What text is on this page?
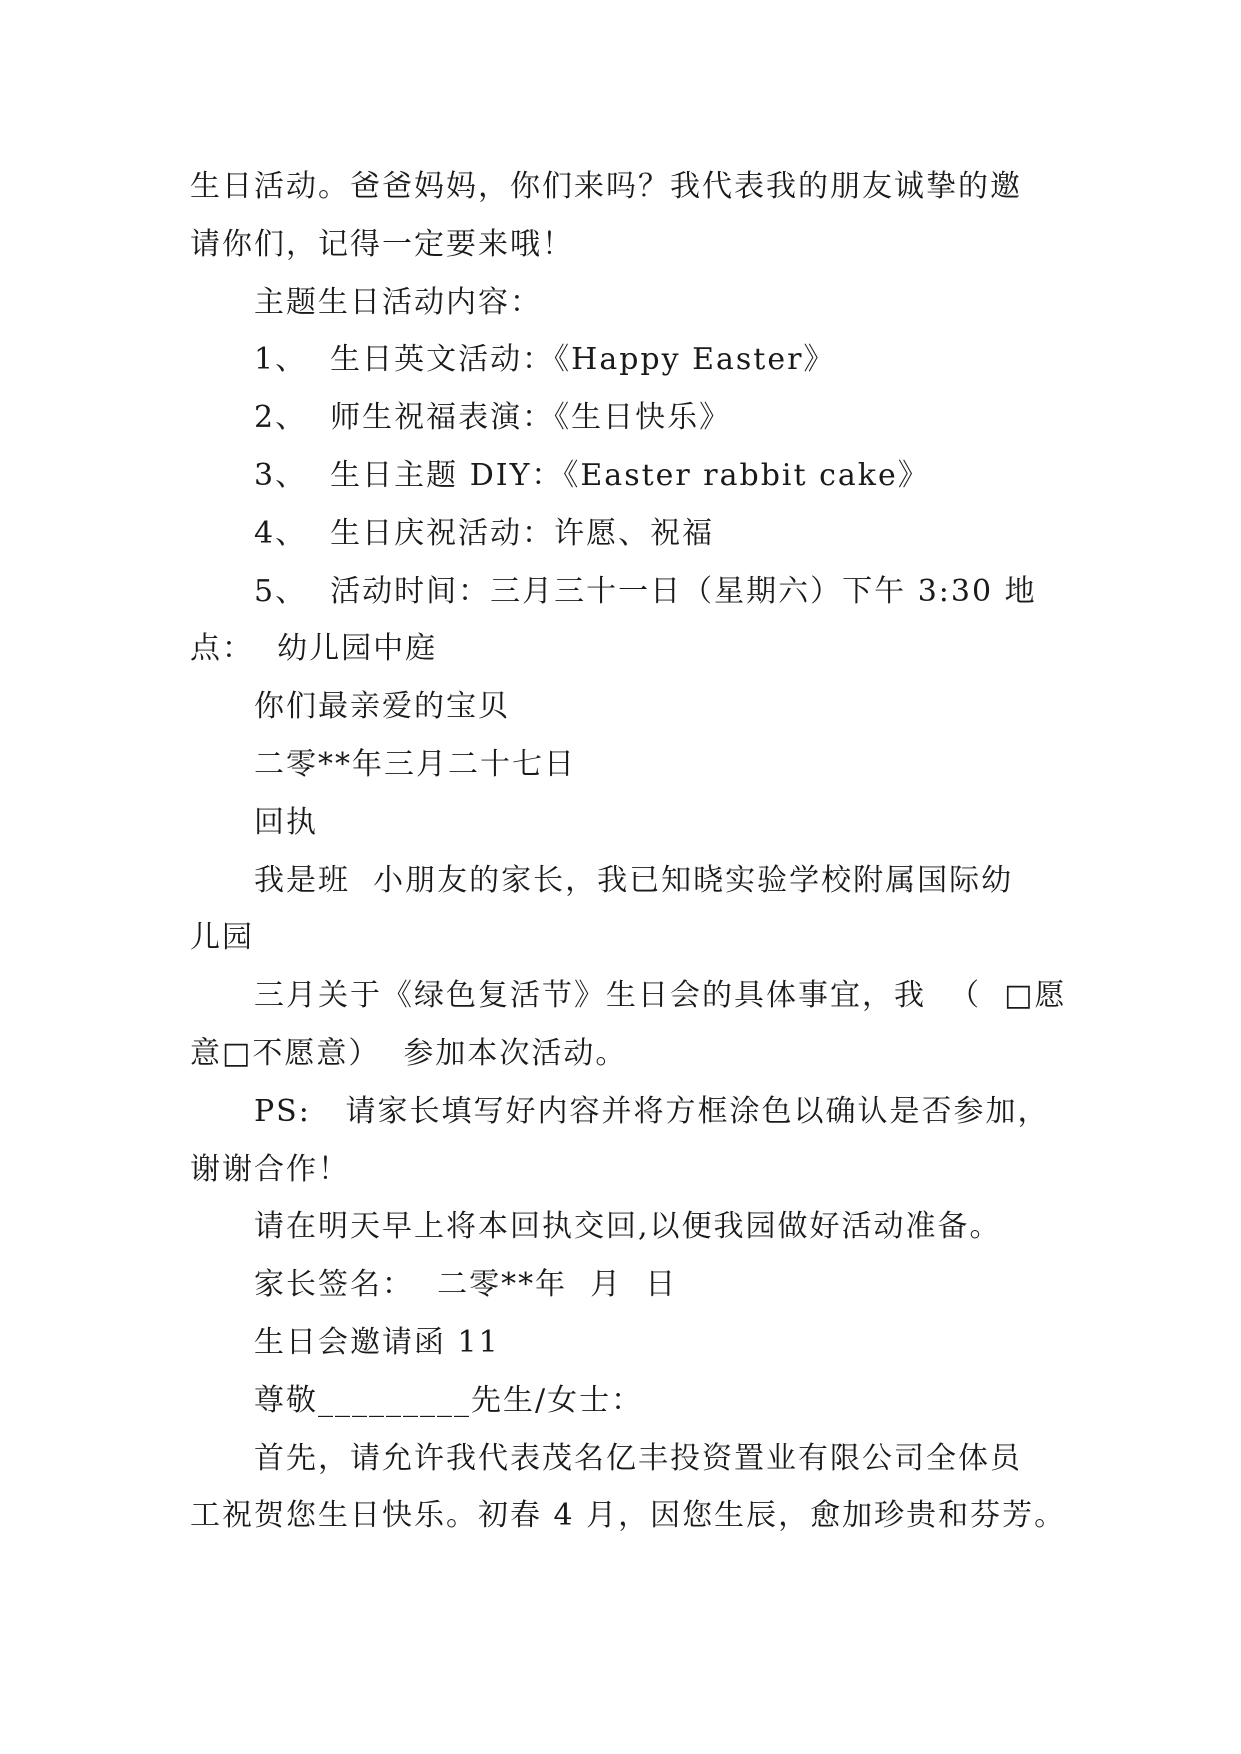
生日活动。爸爸妈妈，你们来吗？我代表我的朋友诚挚的邀
请你们，记得一定要来哦！
主题生日活动内容：
1、  生日英文活动：《Happy Easter》
2、  师生祝福表演：《生日快乐》
3、  生日主题 DIY：《Easter rabbit cake》
4、  生日庆祝活动：许愿、祝福
5、  活动时间：三月三十一日（星期六）下午 3:30 地
点：  幼儿园中庭
你们最亲爱的宝贝
二零**年三月二十七日
回执
我是班  小朋友的家长，我已知晓实验学校附属国际幼
儿园
三月关于《绿色复活节》生日会的具体事宜，我  （  □愿
意□不愿意）  参加本次活动。
PS:   请家长填写好内容并将方框涂色以确认是否参加，
谢谢合作！
请在明天早上将本回执交回,以便我园做好活动准备。
家长签名：  二零**年  月  日
生日会邀请函 11
尊敬_________先生/女士：
首先，请允许我代表茂名亿丰投资置业有限公司全体员
工祝贺您生日快乐。初春 4 月，因您生辰，愈加珍贵和芬芳。
